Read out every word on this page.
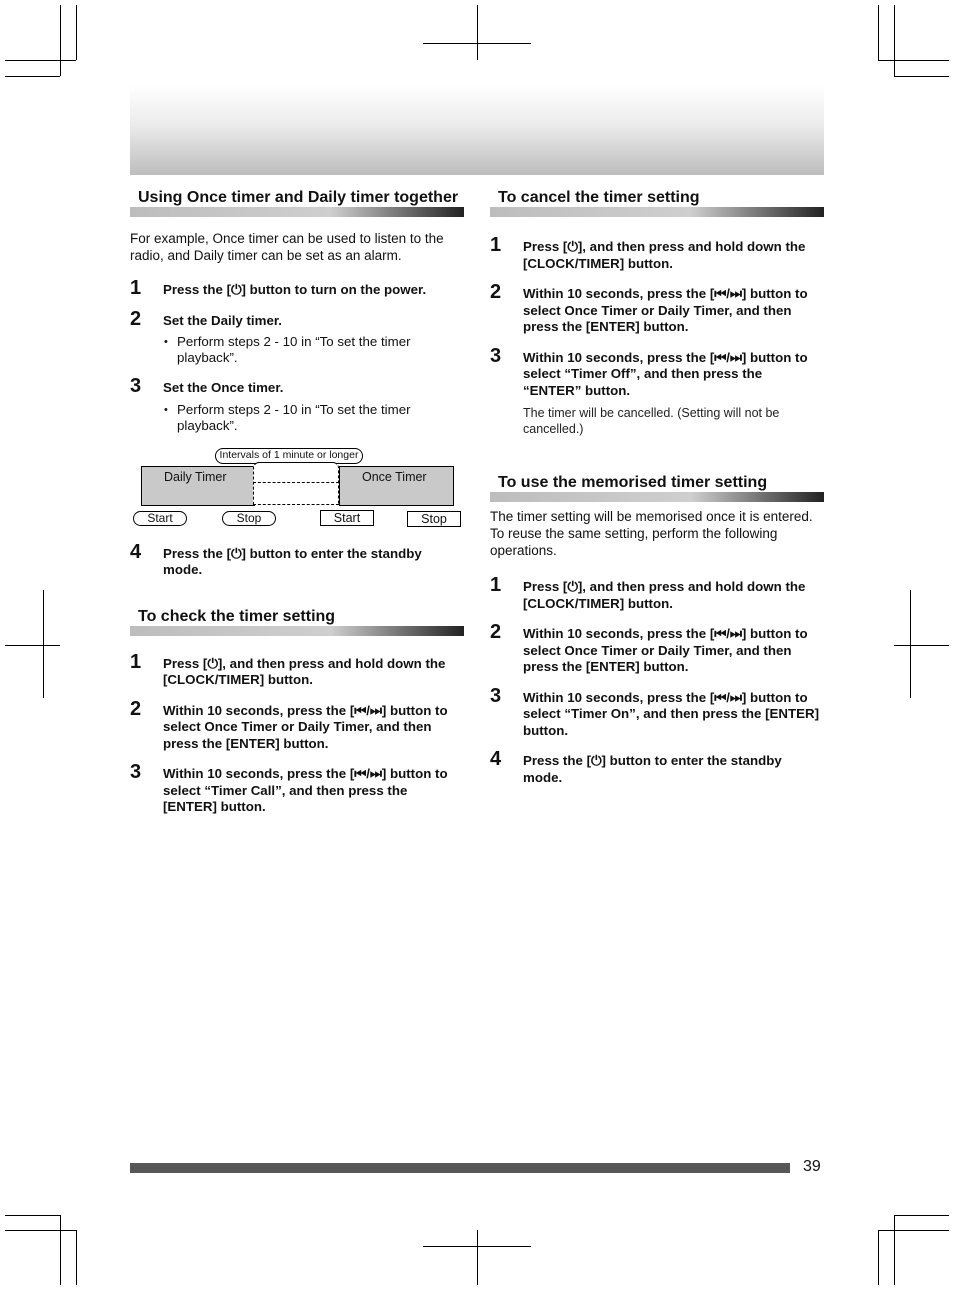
Using Once timer and Daily timer together

For example, Once timer can be used to listen to the radio, and Daily timer can be set as an alarm.

1 Press the [⏻] button to turn on the power.
2 Set the Daily timer.
• Perform steps 2 - 10 in “To set the timer playback”.
3 Set the Once timer.
• Perform steps 2 - 10 in “To set the timer playback”.
Intervals of 1 minute or longer
Daily Timer	Once Timer
Start	Stop	Start	Stop
4 Press the [⏻] button to enter the standby mode.
To check the timer setting
1 Press [⏻], and then press and hold down the [CLOCK/TIMER] button.
2 Within 10 seconds, press the [⏮/⏭] button to select Once Timer or Daily Timer, and then press the [ENTER] button.
3 Within 10 seconds, press the [⏮/⏭] button to select “Timer Call”, and then press the [ENTER] button.
To cancel the timer setting
1 Press [⏻], and then press and hold down the [CLOCK/TIMER] button.
2 Within 10 seconds, press the [⏮/⏭] button to select Once Timer or Daily Timer, and then press the [ENTER] button.
3 Within 10 seconds, press the [⏮/⏭] button to select “Timer Off”, and then press the “ENTER” button.
The timer will be cancelled. (Setting will not be cancelled.)
To use the memorised timer setting

The timer setting will be memorised once it is entered. To reuse the same setting, perform the following operations.

1 Press [⏻], and then press and hold down the [CLOCK/TIMER] button.
2 Within 10 seconds, press the [⏮/⏭] button to select Once Timer or Daily Timer, and then press the [ENTER] button.
3 Within 10 seconds, press the [⏮/⏭] button to select “Timer On”, and then press the [ENTER] button.
4 Press the [⏻] button to enter the standby mode.
39
